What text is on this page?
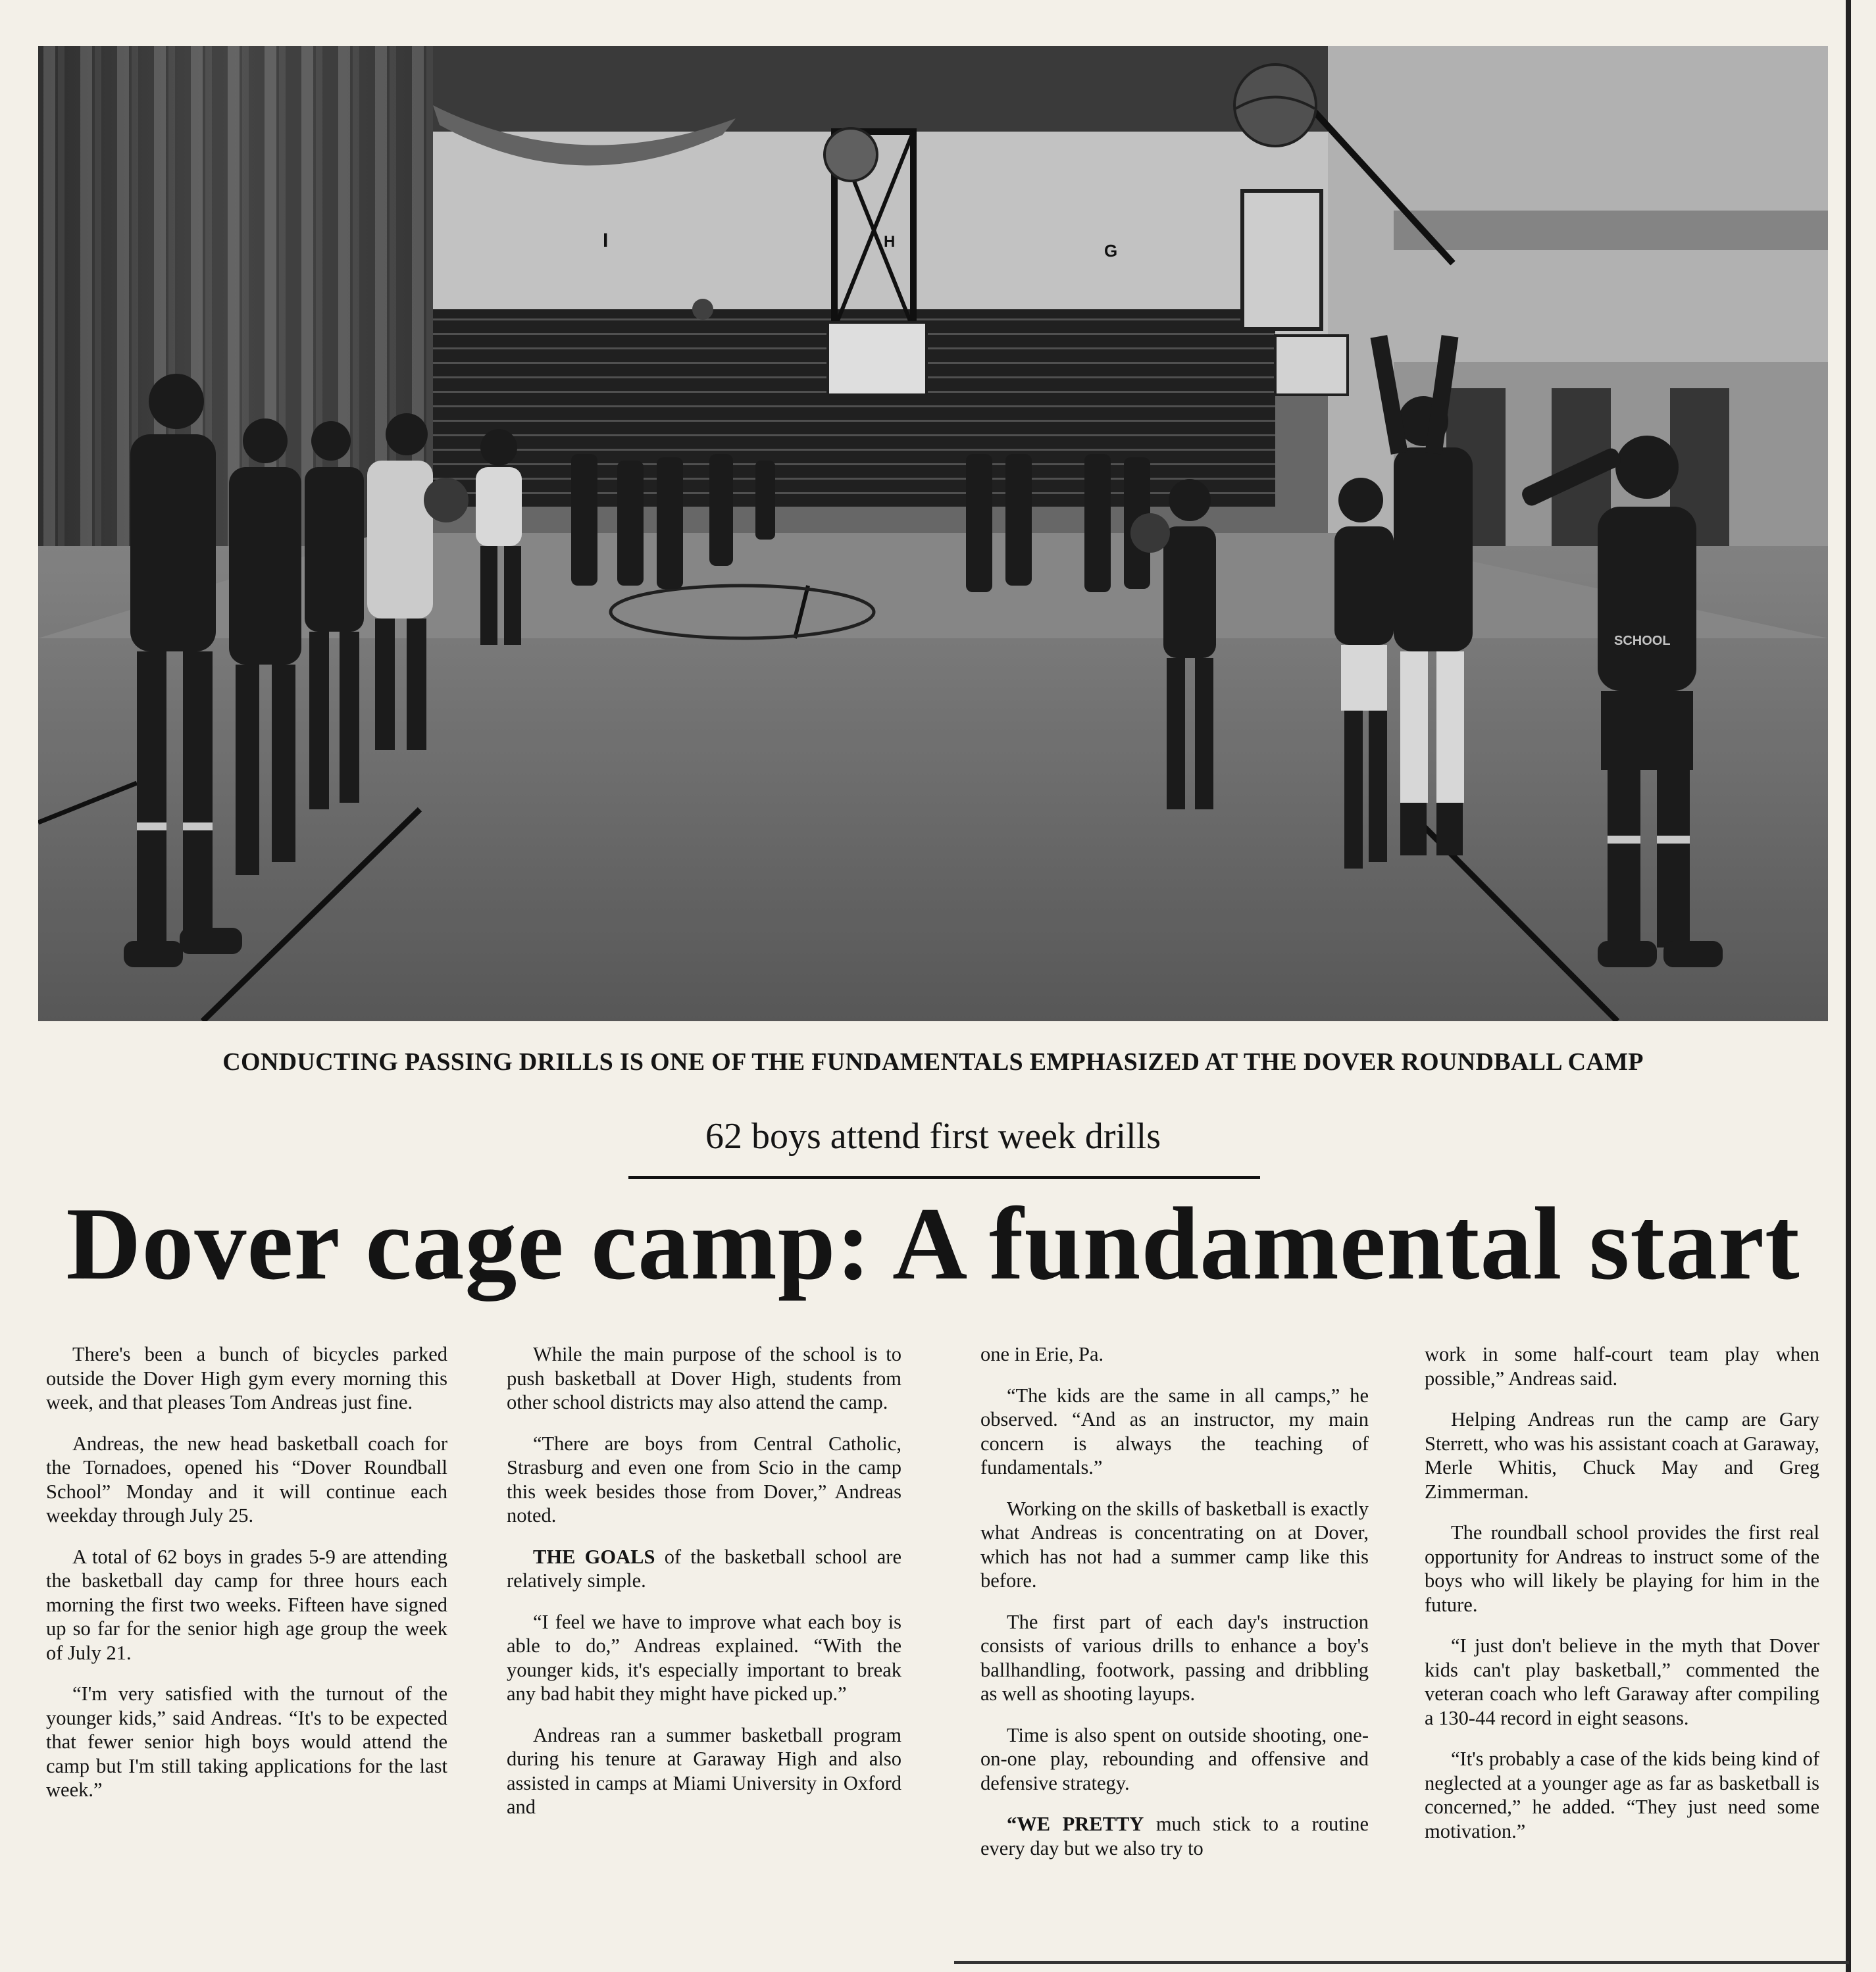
I	H	G
SCHOOL
CONDUCTING PASSING DRILLS IS ONE OF THE FUNDAMENTALS EMPHASIZED AT THE DOVER ROUNDBALL CAMP
62 boys attend first week drills
Dover cage camp: A fundamental start

There's been a bunch of bicycles parked outside the Dover High gym every morning this week, and that pleases Tom Andreas just fine.

Andreas, the new head basketball coach for the Tornadoes, opened his “Dover Roundball School” Monday and it will continue each weekday through July 25.

A total of 62 boys in grades 5-9 are attending the basketball day camp for three hours each morning the first two weeks. Fifteen have signed up so far for the senior high age group the week of July 21.

“I'm very satisfied with the turnout of the younger kids,” said Andreas. “It's to be expected that fewer senior high boys would attend the camp but I'm still taking applications for the last week.”

While the main purpose of the school is to push basketball at Dover High, students from other school districts may also attend the camp.

“There are boys from Central Catholic, Strasburg and even one from Scio in the camp this week besides those from Dover,” Andreas noted.

THE GOALS of the basketball school are relatively simple.

“I feel we have to improve what each boy is able to do,” Andreas explained. “With the younger kids, it's especially important to break any bad habit they might have picked up.”

Andreas ran a summer basketball program during his tenure at Garaway High and also assisted in camps at Miami University in Oxford and

one in Erie, Pa.

“The kids are the same in all camps,” he observed. “And as an instructor, my main concern is always the teaching of fundamentals.”

Working on the skills of basketball is exactly what Andreas is concentrating on at Dover, which has not had a summer camp like this before.

The first part of each day's instruction consists of various drills to enhance a boy's ballhandling, footwork, passing and dribbling as well as shooting layups.

Time is also spent on outside shooting, one-on-one play, rebounding and offensive and defensive strategy.

“WE PRETTY much stick to a routine every day but we also try to

work in some half-court team play when possible,” Andreas said.

Helping Andreas run the camp are Gary Sterrett, who was his assistant coach at Garaway, Merle Whitis, Chuck May and Greg Zimmerman.

The roundball school provides the first real opportunity for Andreas to instruct some of the boys who will likely be playing for him in the future.

“I just don't believe in the myth that Dover kids can't play basketball,” commented the veteran coach who left Garaway after compiling a 130-44 record in eight seasons.

“It's probably a case of the kids being kind of neglected at a younger age as far as basketball is concerned,” he added. “They just need some motivation.”
